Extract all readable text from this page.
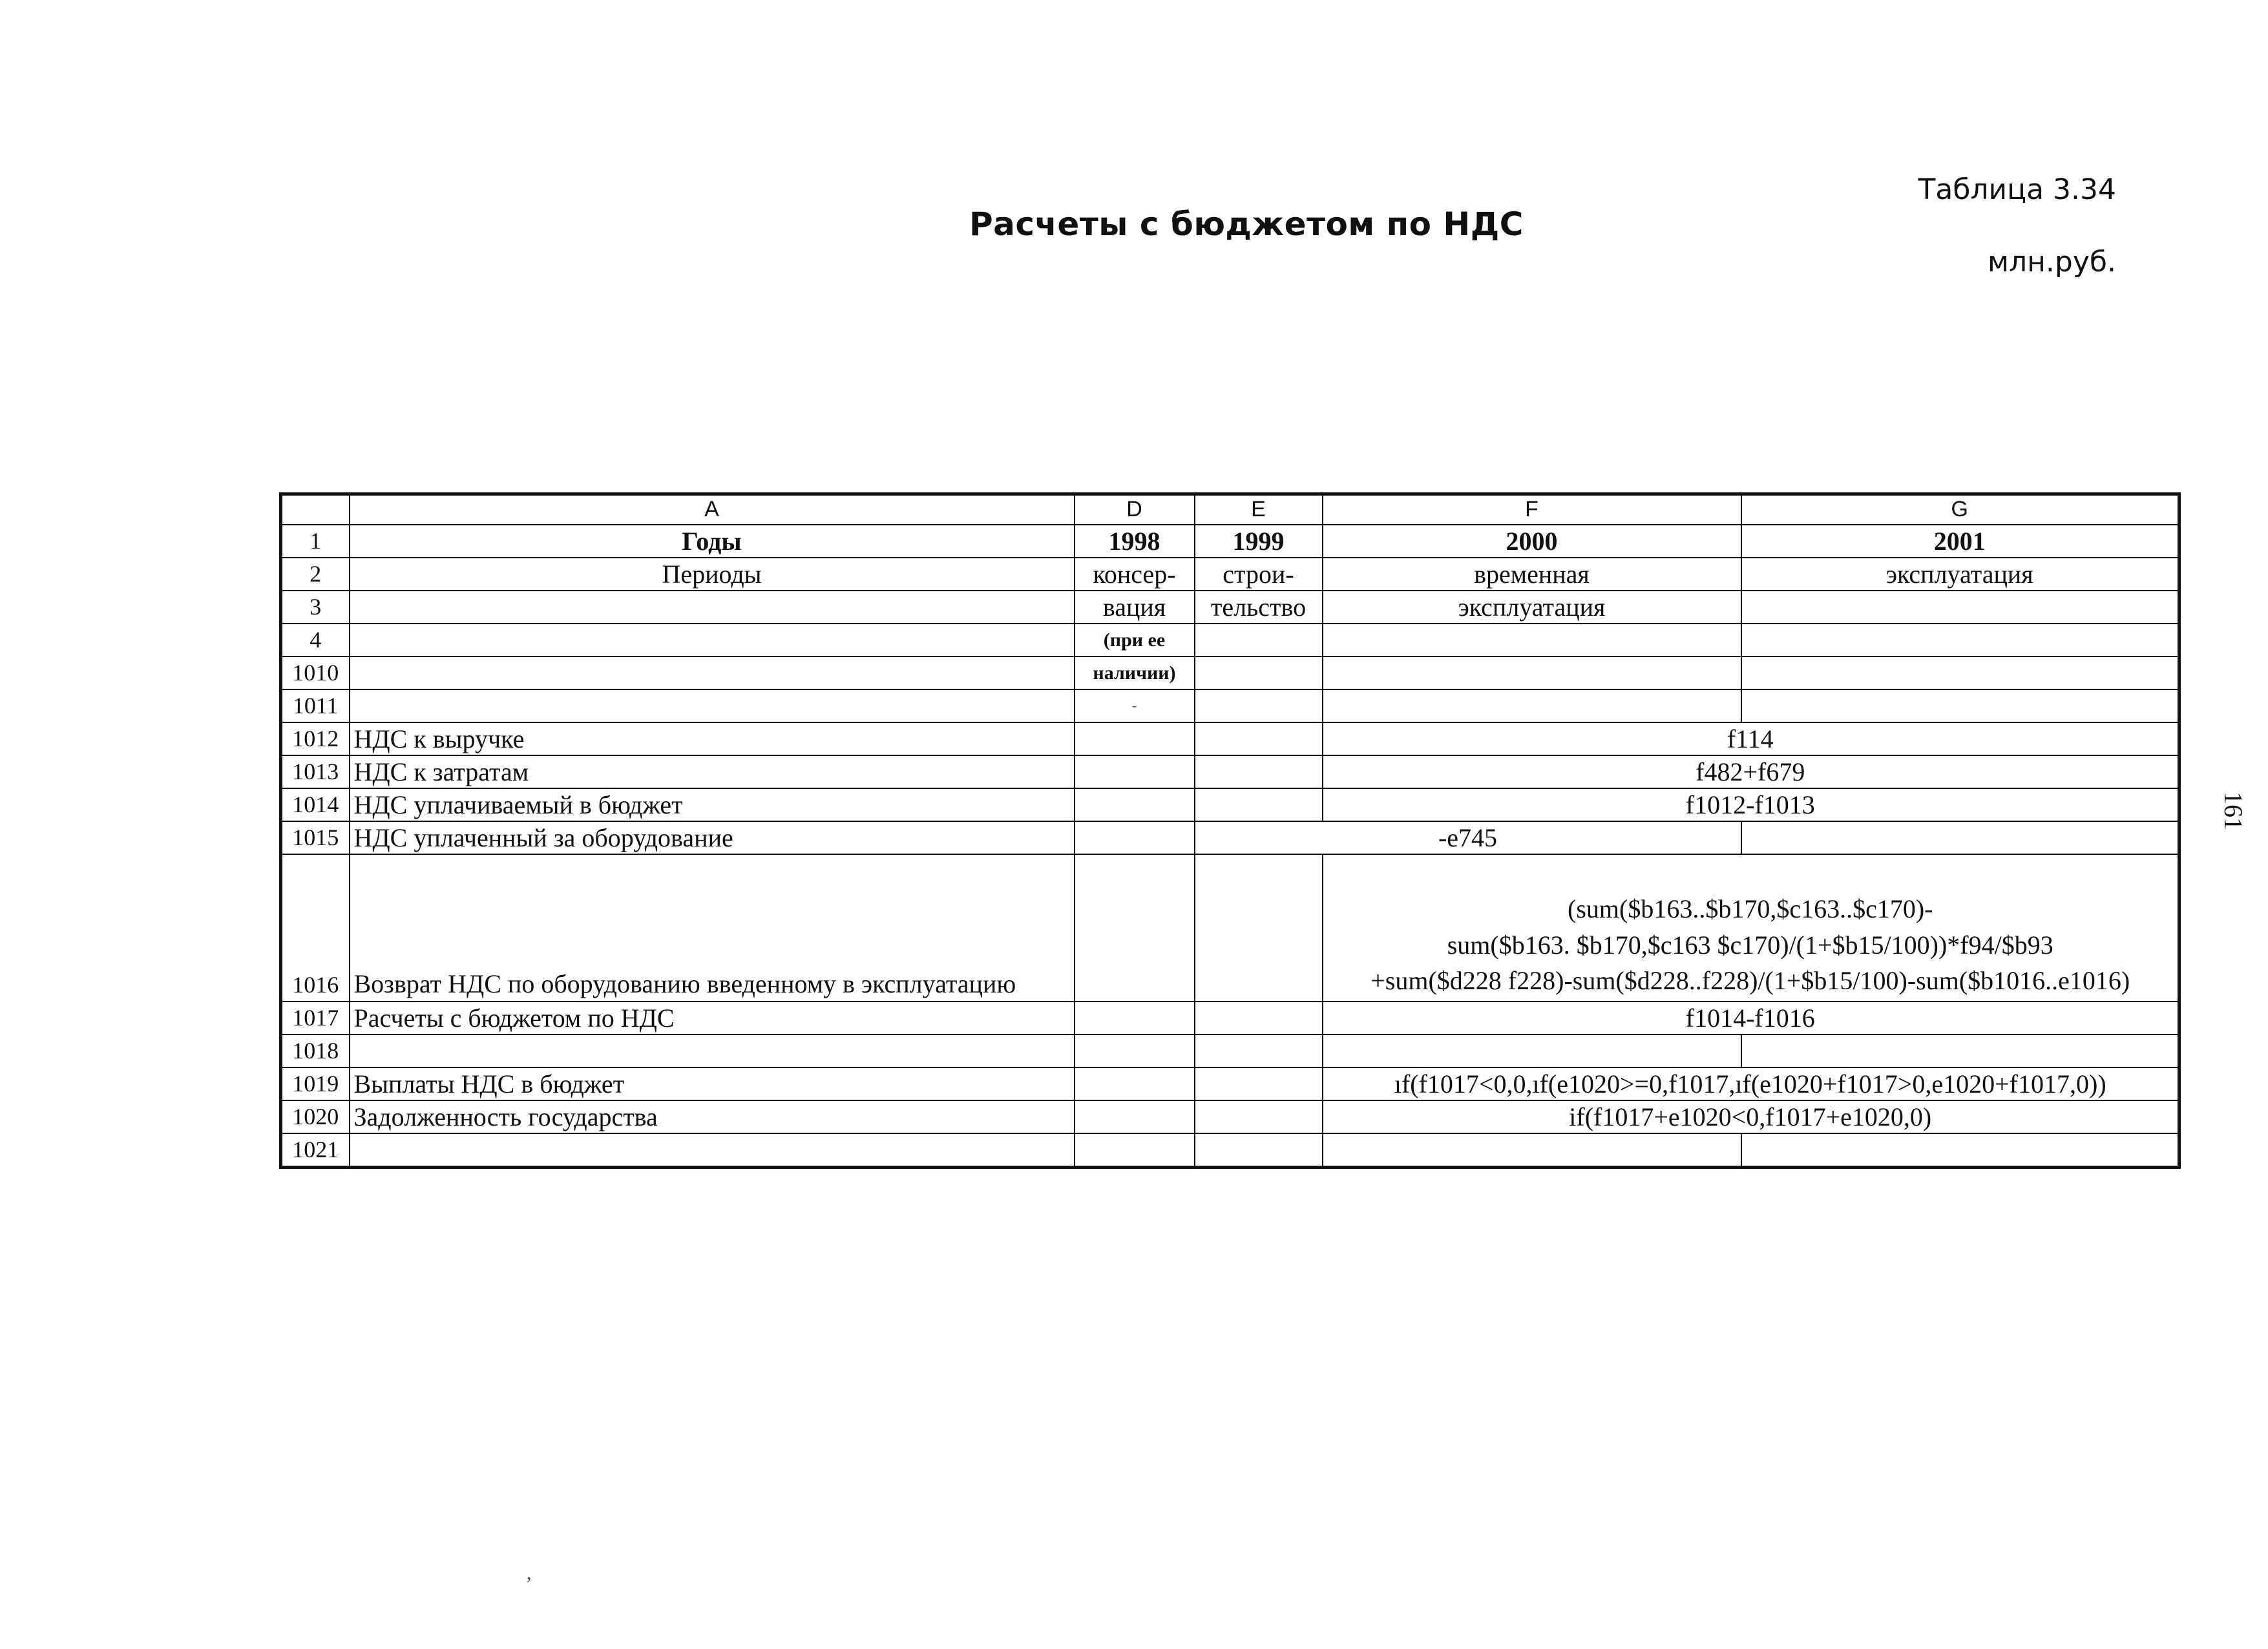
Расчеты с бюджетом по НДС
Таблица 3.34
млн.руб.
161
,
	A	D	E	F	G
1	Годы	1998	1999	2000	2001
2	Периоды	консер-	строи-	временная	эксплуатация
3		вация	тельство	эксплуатация	
4		(при ее			
1010		наличии)			
1011		-			
1012	НДС к выручке			f114	
1013	НДС к затратам			f482+f679	
1014	НДС уплачиваемый в бюджет			f1012-f1013	
1015	НДС уплаченный за оборудование		-e745		
1016	Возврат НДС по оборудованию введенному в эксплуатацию			(sum($b163..$b170,$c163..$c170)-
sum($b163. $b170,$c163 $c170)/(1+$b15/100))*f94/$b93
+sum($d228 f228)-sum($d228..f228)/(1+$b15/100)-sum($b1016..e1016)	

1017	Расчеты с бюджетом по НДС			f1014-f1016	
1018					
1019	Выплаты НДС в бюджет			ıf(f1017<0,0,ıf(e1020>=0,f1017,ıf(e1020+f1017>0,e1020+f1017,0))	
1020	Задолженность государства			if(f1017+e1020<0,f1017+e1020,0)	
1021					
